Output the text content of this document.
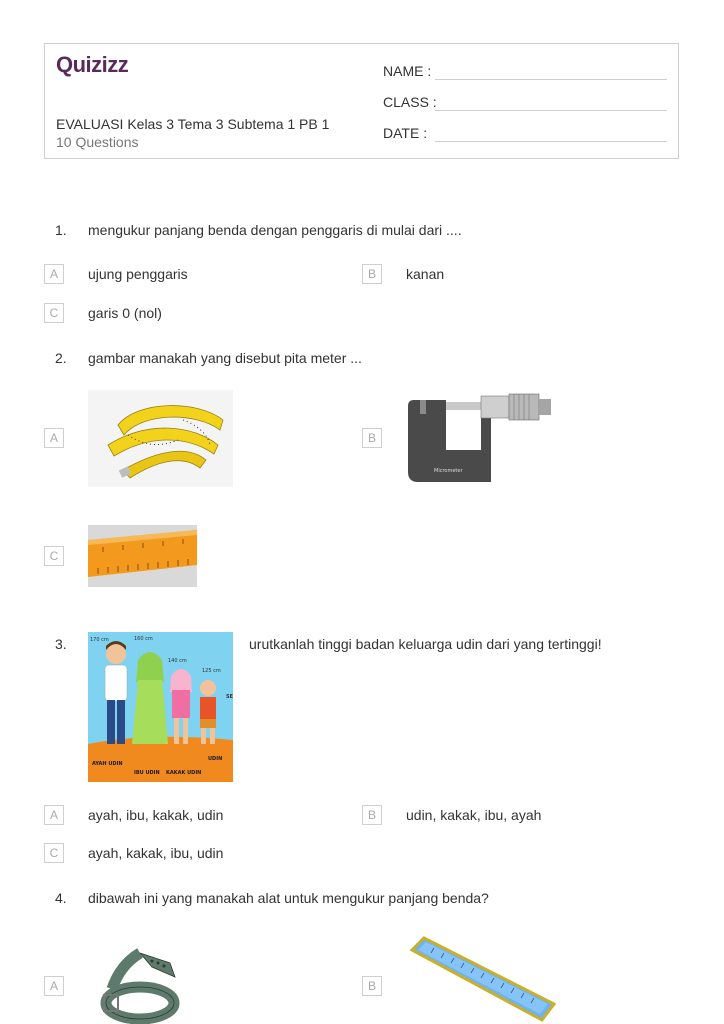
Quizizz
EVALUASI Kelas 3 Tema 3 Subtema 1 PB 1
10 Questions
NAME :
CLASS :
DATE :
1. mengukur panjang benda dengan penggaris di mulai dari ....
A	ujung penggaris	B	kanan
C	garis 0 (nol)
2. gambar manakah yang disebut pita meter ...
A	B
Micrometer
C
3.	urutkanlah tinggi badan keluarga udin dari yang tertinggi!
170 cm	160 cm
140 cm
125 cm
SE
AYAH UDIN
IBU UDIN KAKAK UDIN
UDIN
A	ayah, ibu, kakak, udin	B	udin, kakak, ibu, ayah
C	ayah, kakak, ibu, udin
4. dibawah ini yang manakah alat untuk mengukur panjang benda?
A	B
